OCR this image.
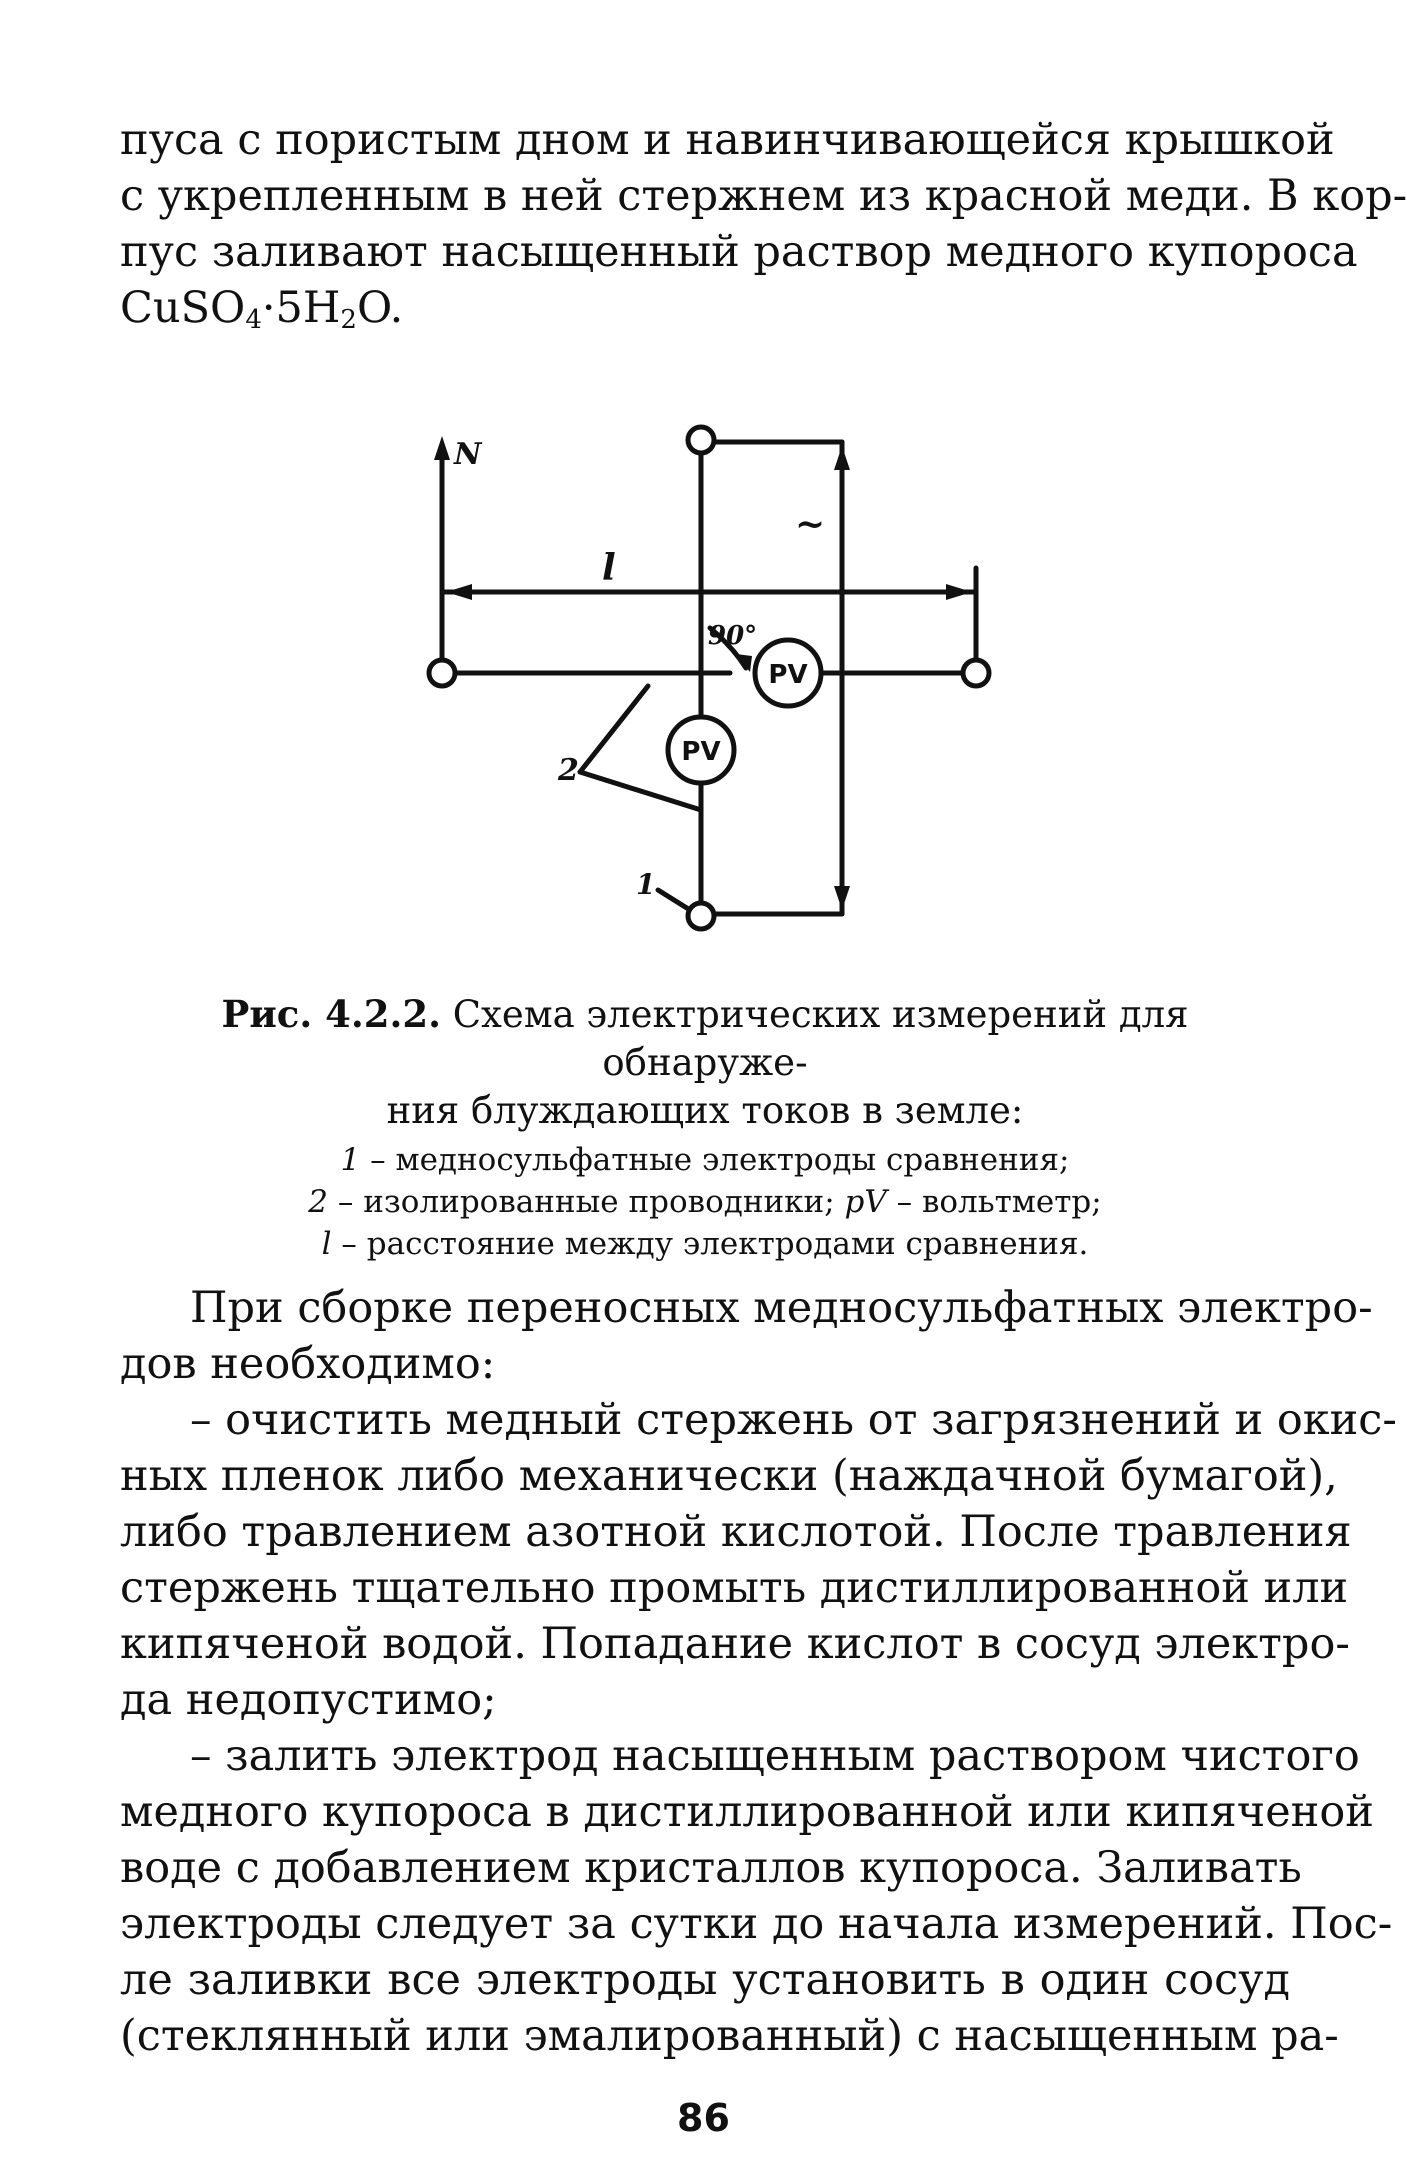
пуса с пористым дном и навинчивающейся крышкой
с укрепленным в ней стержнем из красной меди. В кор-
пус заливают насыщенный раствор медного купороса
$CuSO_4\cdot 5H_2O$.

N
l
~
90°
2
1
PV
PV
Рис. 4.2.2. Схема электрических измерений для обнаруже-
ния блуждающих токов в земле:
1 – медносульфатные электроды сравнения;
2 – изолированные проводники; pV – вольтметр;
l – расстояние между электродами сравнения.

При сборке переносных медносульфатных электро-
дов необходимо:

– очистить медный стержень от загрязнений и окис-
ных пленок либо механически (наждачной бумагой),
либо травлением азотной кислотой. После травления
стержень тщательно промыть дистиллированной или
кипяченой водой. Попадание кислот в сосуд электро-
да недопустимо;

– залить электрод насыщенным раствором чистого
медного купороса в дистиллированной или кипяченой
воде с добавлением кристаллов купороса. Заливать
электроды следует за сутки до начала измерений. Пос-
ле заливки все электроды установить в один сосуд
(стеклянный или эмалированный) с насыщенным ра-

86
